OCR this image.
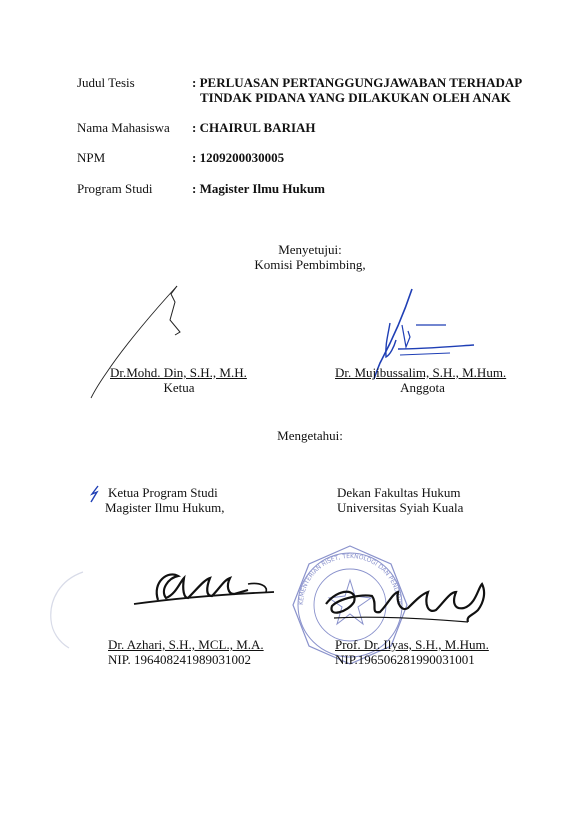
Judul Tesis	: PERLUASAN PERTANGGUNGJAWABAN TERHADAP
TINDAK PIDANA YANG DILAKUKAN OLEH ANAK
Nama Mahasiswa : CHAIRUL BARIAH
NPM	: 1209200030005
Program Studi	: Magister Ilmu Hukum
Menyetujui:
Komisi Pembimbing,
Dr.Mohd. Din, S.H., M.H.
Ketua
Dr. Mujibussalim, S.H., M.Hum.
Anggota
Mengetahui:
Ketua Program Studi
Magister Ilmu Hukum,
Dekan Fakultas Hukum
Universitas Syiah Kuala
KEMENTERIAN RISET, TEKNOLOGI DAN PENDIDIKAN TINGGI UNIVERSITAS SYIAH KUALA
Dr. Azhari, S.H., MCL., M.A.
NIP. 196408241989031002
Prof. Dr. Ilyas, S.H., M.Hum.
NIP.196506281990031001
